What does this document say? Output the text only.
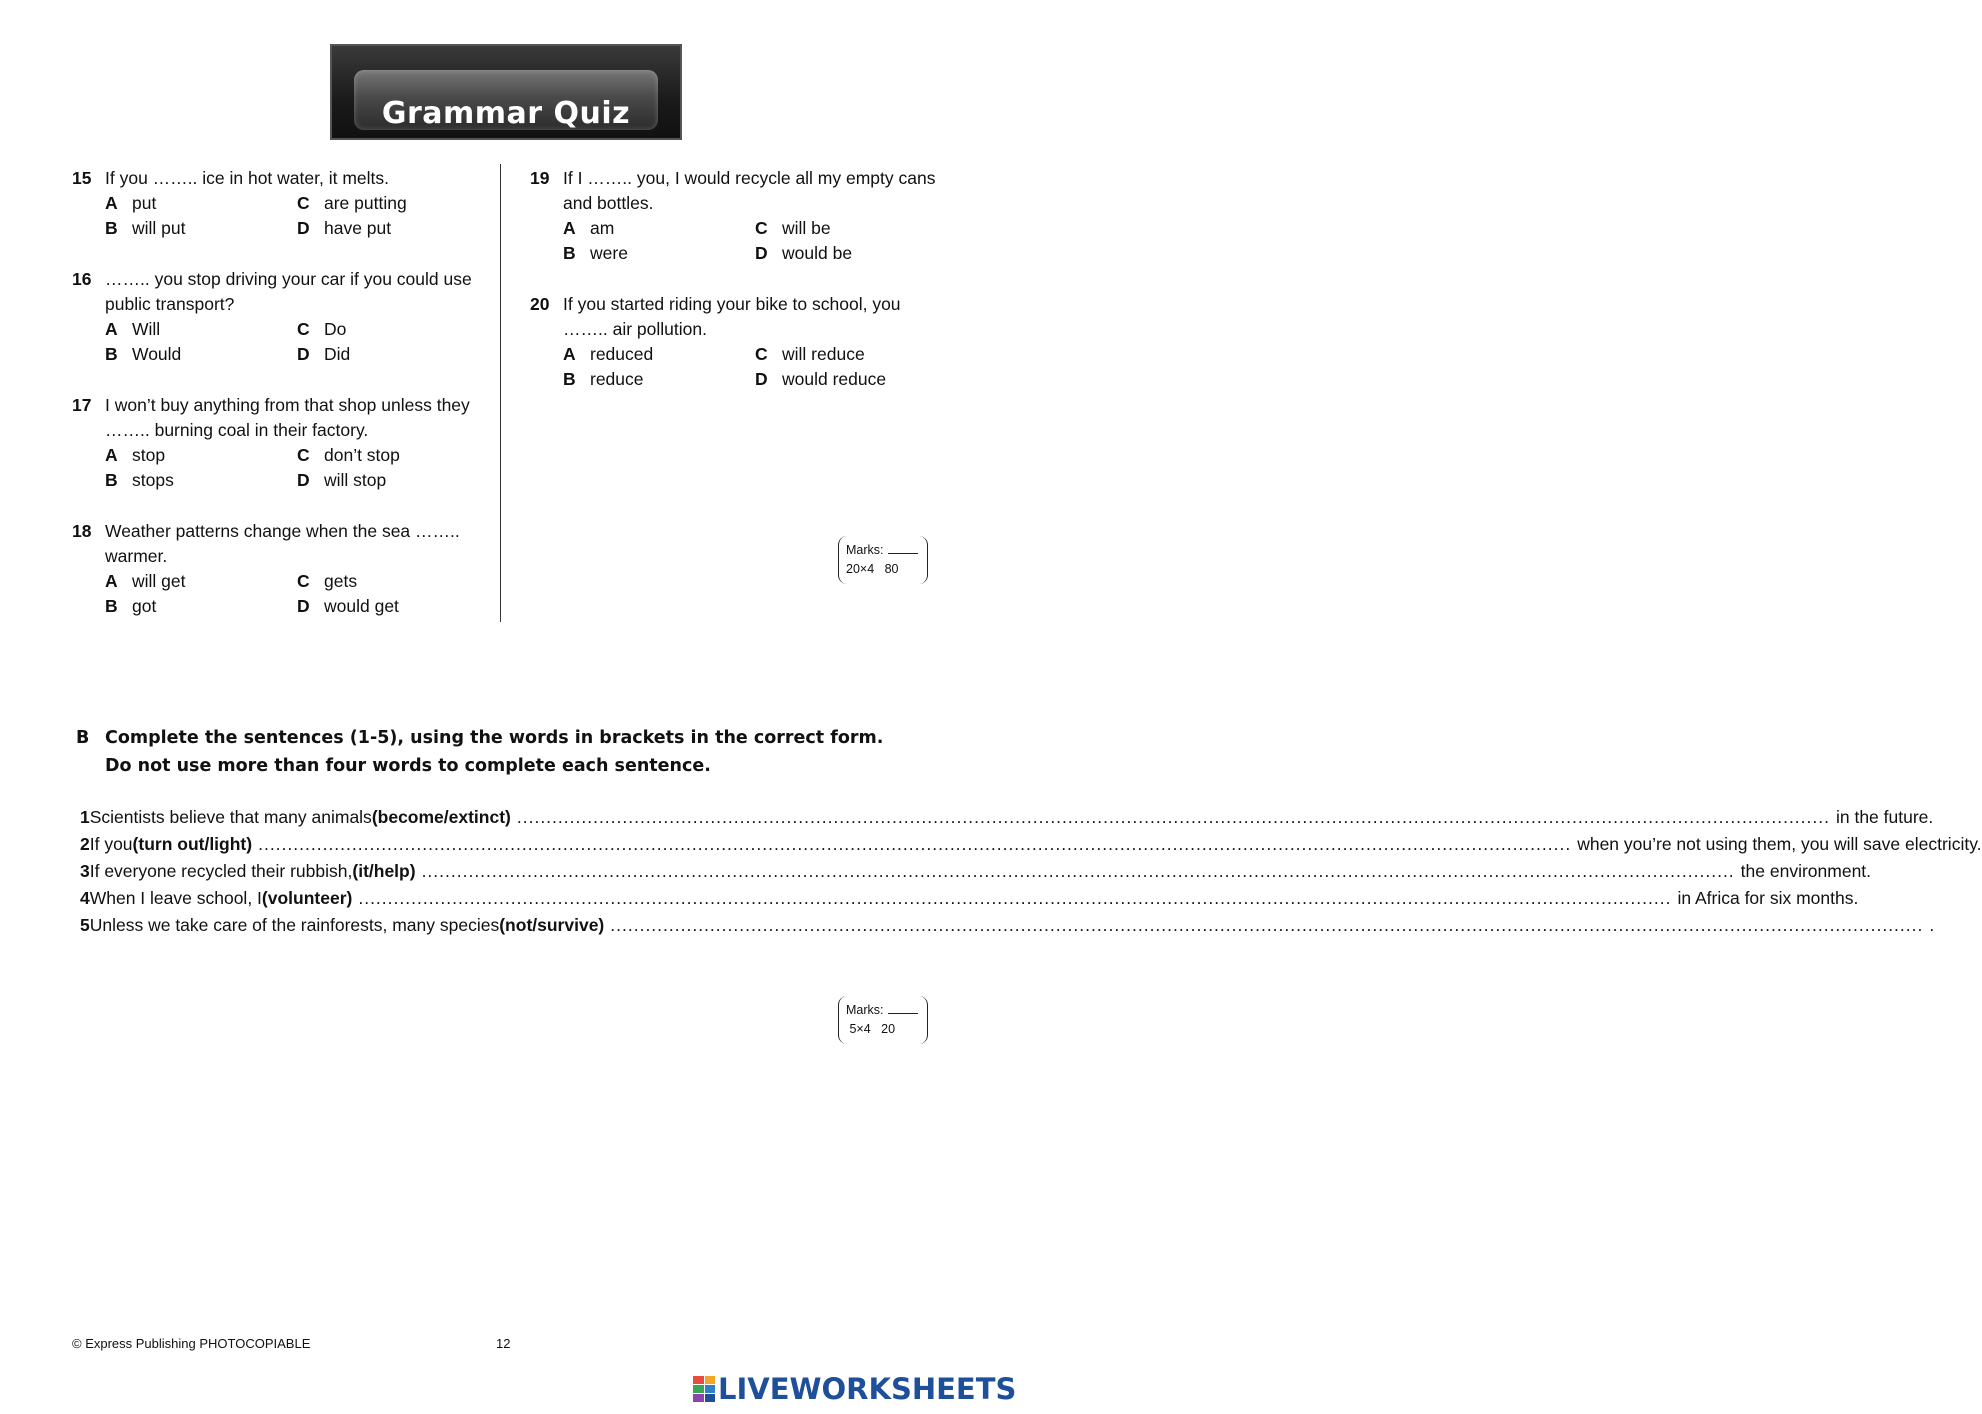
Grammar Quiz
15 If you …….. ice in hot water, it melts.
A put	C are putting
B will put	D have put
16 …….. you stop driving your car if you could use public transport?
A Will	C Do
B Would	D Did
17 I won’t buy anything from that shop unless they …….. burning coal in their factory.
A stop	C don’t stop
B stops	D will stop
18 Weather patterns change when the sea …….. warmer.
A will get	C gets
B got	D would get
19 If I …….. you, I would recycle all my empty cans and bottles.
A am	C will be
B were	D would be
20 If you started riding your bike to school, you …….. air pollution.
A reduced	C will reduce
B reduce	D would reduce
Marks:
20×4 80
B Complete the sentences (1-5), using the words in brackets in the correct form.
Do not use more than four words to complete each sentence.
1 Scientists believe that many animals (become/extinct) .....	in the future.
2 If you (turn out/light) .....	when you’re not using them, you will save electricity.
3 If everyone recycled their rubbish, (it/help) .....	the environment.
4 When I leave school, I (volunteer) .....	in Africa for six months.
5 Unless we take care of the rainforests, many species (not/survive) .....	.
Marks:
5×4 20
© Express Publishing PHOTOCOPIABLE	12
LIVEWORKSHEETS
